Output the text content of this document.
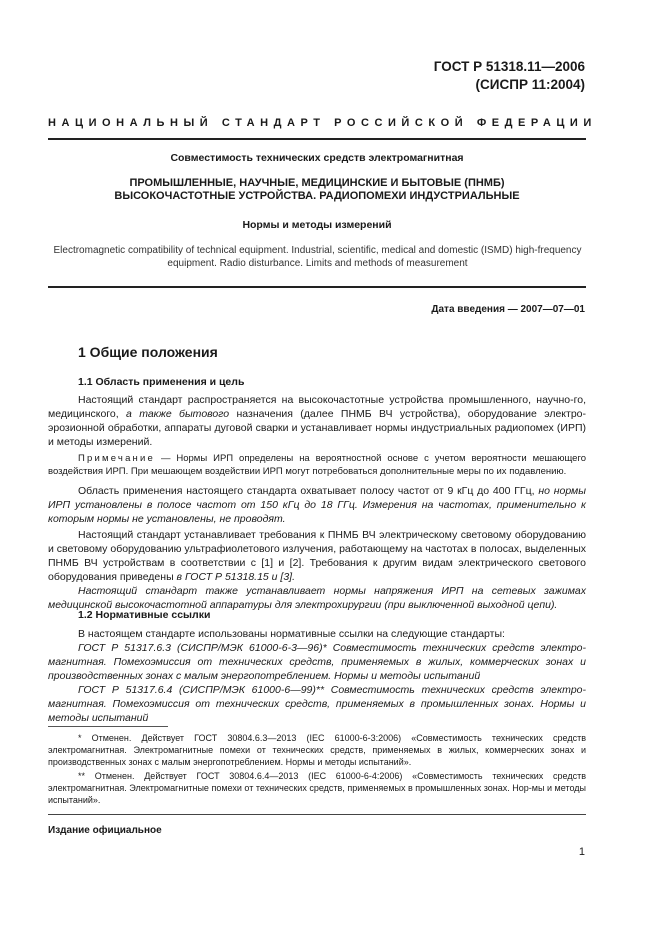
ГОСТ Р 51318.11—2006
(СИСПР 11:2004)
НАЦИОНАЛЬНЫЙ СТАНДАРТ РОССИЙСКОЙ ФЕДЕРАЦИИ
Совместимость технических средств электромагнитная
ПРОМЫШЛЕННЫЕ, НАУЧНЫЕ, МЕДИЦИНСКИЕ И БЫТОВЫЕ (ПНМБ)
ВЫСОКОЧАСТОТНЫЕ УСТРОЙСТВА. РАДИОПОМЕХИ ИНДУСТРИАЛЬНЫЕ
Нормы и методы измерений
Electromagnetic compatibility of technical equipment. Industrial, scientific, medical and domestic (ISMD) high-frequency equipment. Radio disturbance. Limits and methods of measurement
Дата введения — 2007—07—01
1 Общие положения
1.1 Область применения и цель

Настоящий стандарт распространяется на высокочастотные устройства промышленного, научно-го, медицинского, а также бытового назначения (далее ПНМБ ВЧ устройства), оборудование электро-эрозионной обработки, аппараты дуговой сварки и устанавливает нормы индустриальных радиопомех (ИРП) и методы измерений.

Примечание — Нормы ИРП определены на вероятностной основе с учетом вероятности мешающего воздействия ИРП. При мешающем воздействии ИРП могут потребоваться дополнительные меры по их подавлению.

Область применения настоящего стандарта охватывает полосу частот от 9 кГц до 400 ГГц, но нормы ИРП установлены в полосе частот от 150 кГц до 18 ГГц. Измерения на частотах, применительно к которым нормы не установлены, не проводят.

Настоящий стандарт устанавливает требования к ПНМБ ВЧ электрическому световому оборудованию и световому оборудованию ультрафиолетового излучения, работающему на частотах в полосах, выделенных ПНМБ ВЧ устройствам в соответствии с [1] и [2]. Требования к другим видам электрического светового оборудования приведены в ГОСТ Р 51318.15 и [3].

Настоящий стандарт также устанавливает нормы напряжения ИРП на сетевых зажимах медицинской высокочастотной аппаратуры для электрохирургии (при выключенной выходной цепи).

1.2 Нормативные ссылки

В настоящем стандарте использованы нормативные ссылки на следующие стандарты:

ГОСТ Р 51317.6.3 (СИСПР/МЭК 61000-6-3—96)* Совместимость технических средств электро-магнитная. Помехоэмиссия от технических средств, применяемых в жилых, коммерческих зонах и производственных зонах с малым энергопотреблением. Нормы и методы испытаний

ГОСТ Р 51317.6.4 (СИСПР/МЭК 61000-6—99)** Совместимость технических средств электро-магнитная. Помехоэмиссия от технических средств, применяемых в промышленных зонах. Нормы и методы испытаний

* Отменен. Действует ГОСТ 30804.6.3—2013 (IEC 61000-6-3:2006) «Совместимость технических средств электромагнитная. Электромагнитные помехи от технических средств, применяемых в жилых, коммерческих зонах и производственных зонах с малым энергопотреблением. Нормы и методы испытаний».

** Отменен. Действует ГОСТ 30804.6.4—2013 (IEC 61000-6-4:2006) «Совместимость технических средств электромагнитная. Электромагнитные помехи от технических средств, применяемых в промышленных зонах. Нор-мы и методы испытаний».

Издание официальное
1
